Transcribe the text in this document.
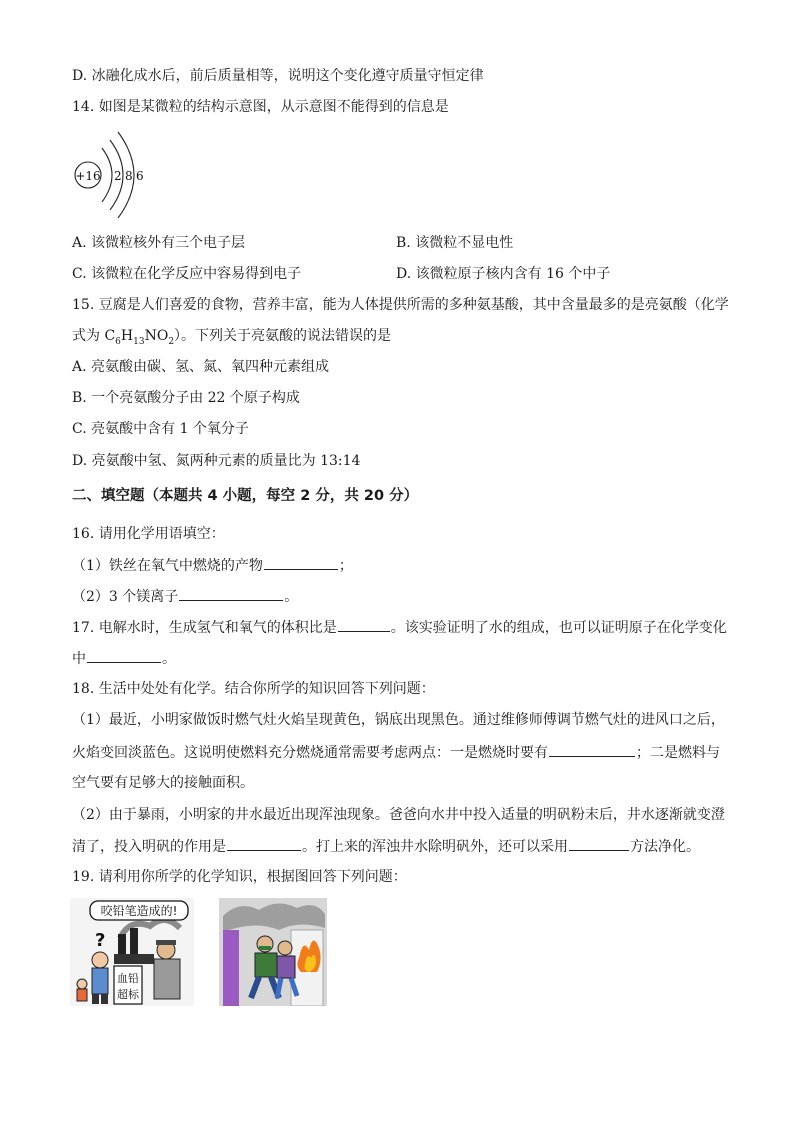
D. 冰融化成水后，前后质量相等，说明这个变化遵守质量守恒定律
14. 如图是某微粒的结构示意图，从示意图不能得到的信息是
+16 2 8 6
A. 该微粒核外有三个电子层	B. 该微粒不显电性
C. 该微粒在化学反应中容易得到电子	D. 该微粒原子核内含有 16 个中子
15. 豆腐是人们喜爱的食物，营养丰富，能为人体提供所需的多种氨基酸，其中含量最多的是亮氨酸（化学
式为 $C_6H_{13}NO_2$）。下列关于亮氨酸的说法错误的是
A. 亮氨酸由碳、氢、氮、氧四种元素组成
B. 一个亮氨酸分子由 22 个原子构成
C. 亮氨酸中含有 1 个氧分子
D. 亮氨酸中氢、氮两种元素的质量比为 13:14
二、填空题（本题共 4 小题，每空 2 分，共 20 分）
16. 请用化学用语填空：
（1）铁丝在氧气中燃烧的产物	；
（2）3 个镁离子	。
17. 电解水时，生成氢气和氧气的体积比是	。该实验证明了水的组成，也可以证明原子在化学变化
中	。
18. 生活中处处有化学。结合你所学的知识回答下列问题：
（1）最近，小明家做饭时燃气灶火焰呈现黄色，锅底出现黑色。通过维修师傅调节燃气灶的进风口之后，
火焰变回淡蓝色。这说明使燃料充分燃烧通常需要考虑两点：一是燃烧时要有	；二是燃料与
空气要有足够大的接触面积。
（2）由于暴雨，小明家的井水最近出现浑浊现象。爸爸向水井中投入适量的明矾粉末后，井水逐渐就变澄
清了，投入明矾的作用是	。打上来的浑浊井水除明矾外，还可以采用	方法净化。
19. 请利用你所学的化学知识，根据图回答下列问题：
咬铅笔造成的!
?
血铅
超标
